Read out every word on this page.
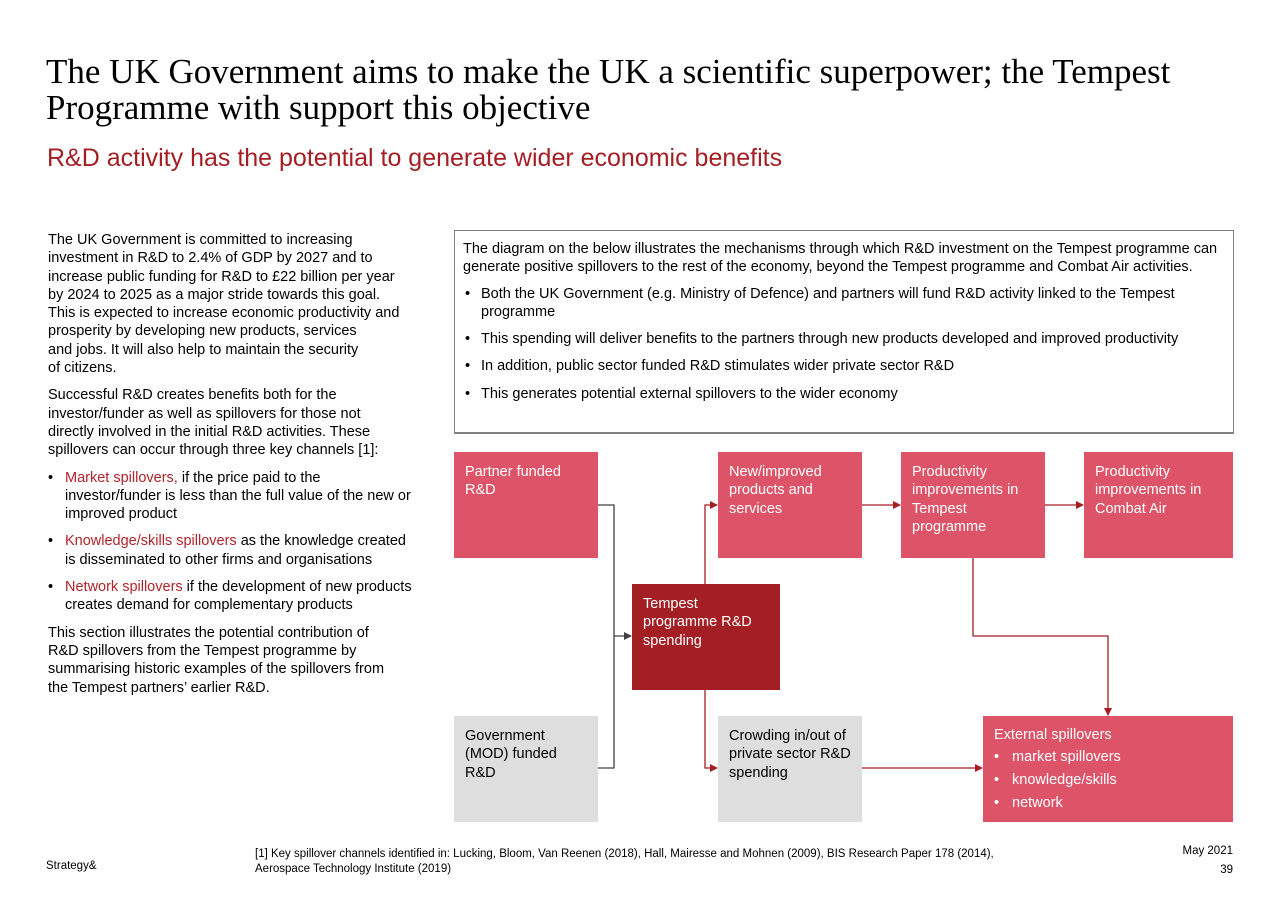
The UK Government aims to make the UK a scientific superpower; the Tempest
Programme with support this objective
R&D activity has the potential to generate wider economic benefits

The UK Government is committed to increasing
investment in R&D to 2.4% of GDP by 2027 and to
increase public funding for R&D to £22 billion per year
by 2024 to 2025 as a major stride towards this goal.
This is expected to increase economic productivity and
prosperity by developing new products, services
and jobs. It will also help to maintain the security
of citizens.

Successful R&D creates benefits both for the
investor/funder as well as spillovers for those not
directly involved in the initial R&D activities. These
spillovers can occur through three key channels [1]:

• Market spillovers, if the price paid to the investor/funder is less than the full value of the new or improved product
• Knowledge/skills spillovers as the knowledge created is disseminated to other firms and organisations
• Network spillovers if the development of new products creates demand for complementary products

This section illustrates the potential contribution of
R&D spillovers from the Tempest programme by
summarising historic examples of the spillovers from
the Tempest partners’ earlier R&D.

The diagram on the below illustrates the mechanisms through which R&D investment on the Tempest programme can generate positive spillovers to the rest of the economy, beyond the Tempest programme and Combat Air activities.

• Both the UK Government (e.g. Ministry of Defence) and partners will fund R&D activity linked to the Tempest programme
• This spending will deliver benefits to the partners through new products developed and improved productivity
• In addition, public sector funded R&D stimulates wider private sector R&D
• This generates potential external spillovers to the wider economy
Partner funded R&D
Government (MOD) funded R&D
Tempest programme R&D spending
New/improved products and services
Productivity improvements in Tempest programme
Productivity improvements in Combat Air
Crowding in/out of private sector R&D spending
External spillovers
• market spillovers
• knowledge/skills
• network
Strategy&
[1] Key spillover channels identified in: Lucking, Bloom, Van Reenen (2018), Hall, Mairesse and Mohnen (2009), BIS Research Paper 178 (2014), Aerospace Technology Institute (2019)
May 2021
39
